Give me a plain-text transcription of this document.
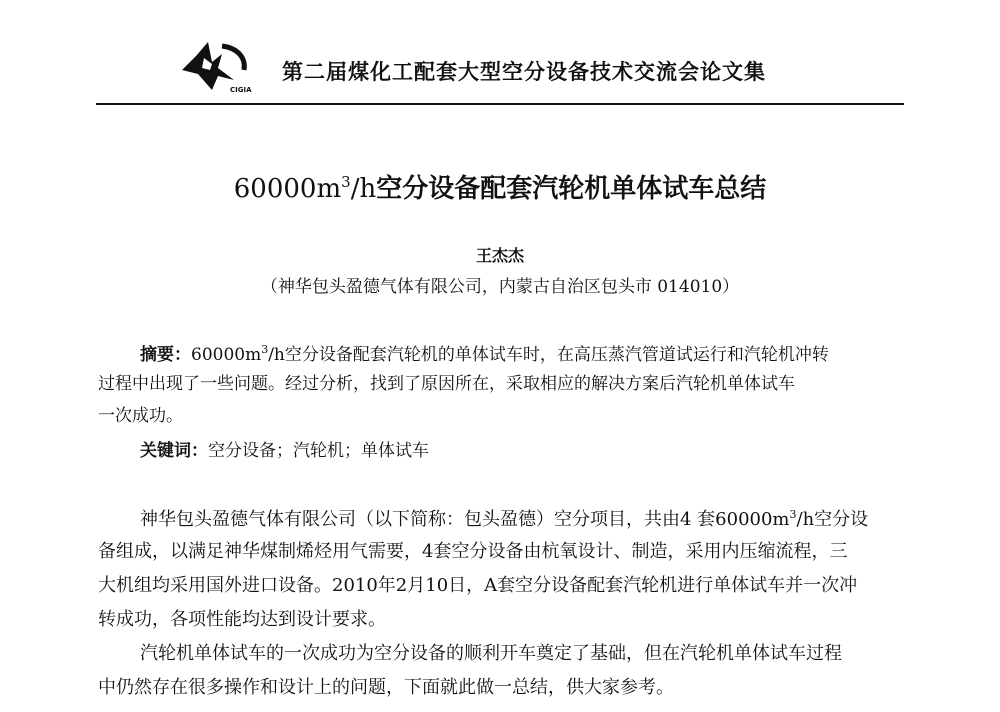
CIGIA
第二届煤化工配套大型空分设备技术交流会论文集
$60000m^3/h$空分设备配套汽轮机单体试车总结
王杰杰
（神华包头盈德气体有限公司，内蒙古自治区包头市 014010）
摘要：$60000m^3/h$空分设备配套汽轮机的单体试车时，在高压蒸汽管道试运行和汽轮机冲转
过程中出现了一些问题。经过分析，找到了原因所在，采取相应的解决方案后汽轮机单体试车
一次成功。
关键词：空分设备；汽轮机；单体试车
神华包头盈德气体有限公司（以下简称：包头盈德）空分项目，共由4 套$60000m^3/h$空分设
备组成，以满足神华煤制烯烃用气需要，4套空分设备由杭氧设计、制造，采用内压缩流程，三
大机组均采用国外进口设备。2010年2月10日，A套空分设备配套汽轮机进行单体试车并一次冲
转成功，各项性能均达到设计要求。
汽轮机单体试车的一次成功为空分设备的顺利开车奠定了基础，但在汽轮机单体试车过程
中仍然存在很多操作和设计上的问题，下面就此做一总结，供大家参考。
